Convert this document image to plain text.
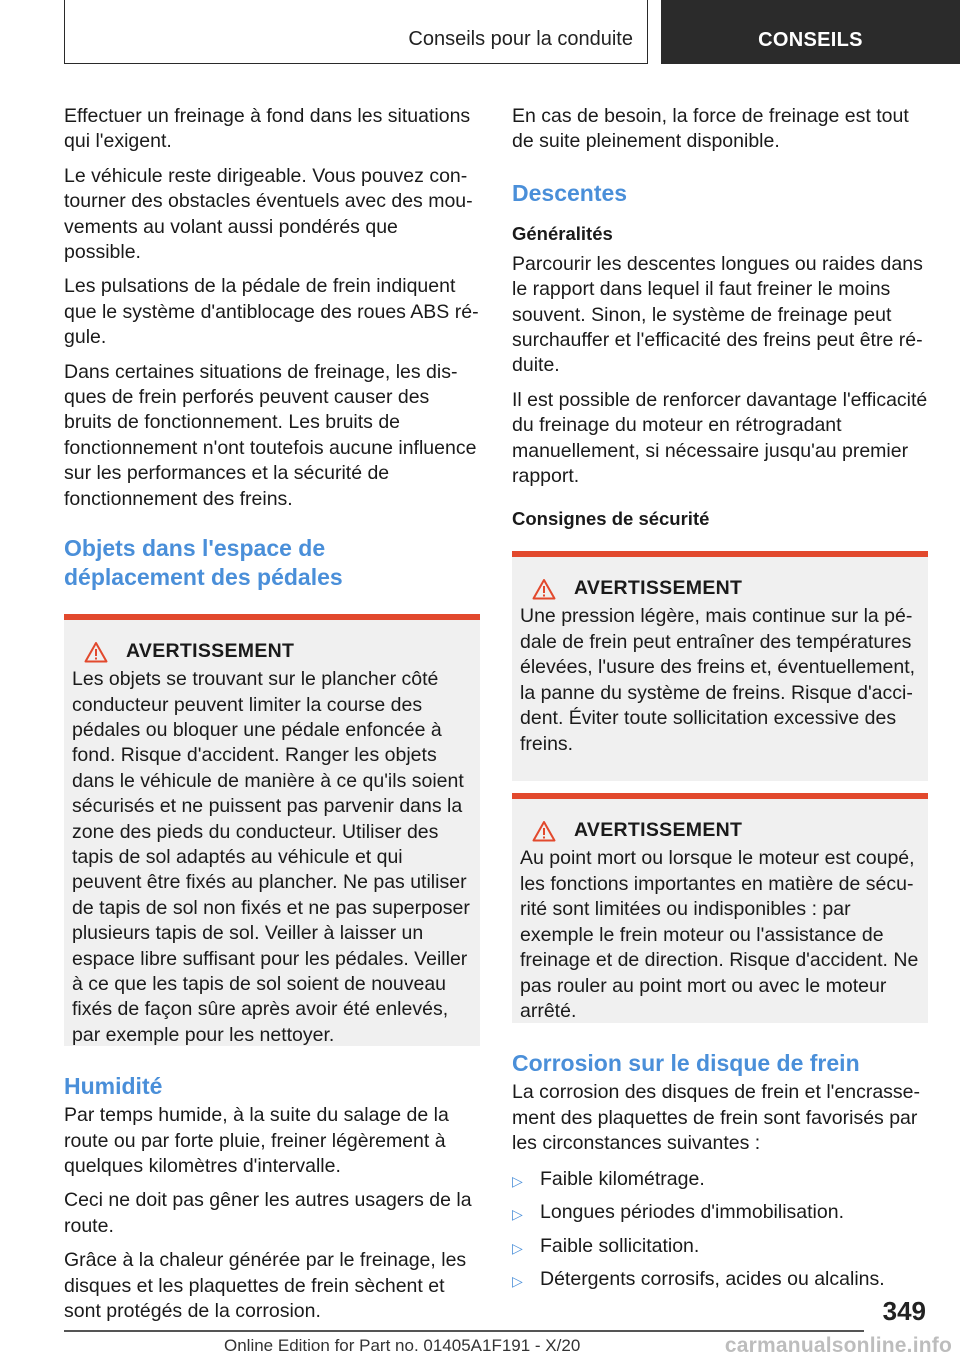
Conseils pour la conduite	CONSEILS

Effectuer un freinage à fond dans les situations qui l'exigent.

Le véhicule reste dirigeable. Vous pouvez contourner des obstacles éventuels avec des mouvements au volant aussi pondérés que possible.

Les pulsations de la pédale de frein indiquent que le système d'antiblocage des roues ABS régule.

Dans certaines situations de freinage, les disques de frein perforés peuvent causer des bruits de fonctionnement. Les bruits de fonctionnement n'ont toutefois aucune influence sur les performances et la sécurité de fonctionnement des freins.

Objets dans l'espace de déplacement des pédales
AVERTISSEMENT

Les objets se trouvant sur le plancher côté conducteur peuvent limiter la course des pédales ou bloquer une pédale enfoncée à fond. Risque d'accident. Ranger les objets dans le véhicule de manière à ce qu'ils soient sécurisés et ne puissent pas parvenir dans la zone des pieds du conducteur. Utiliser des tapis de sol adaptés au véhicule et qui peuvent être fixés au plancher. Ne pas utiliser de tapis de sol non fixés et ne pas superposer plusieurs tapis de sol. Veiller à laisser un espace libre suffisant pour les pédales. Veiller à ce que les tapis de sol soient de nouveau fixés de façon sûre après avoir été enlevés, par exemple pour les nettoyer.

Humidité

Par temps humide, à la suite du salage de la route ou par forte pluie, freiner légèrement à quelques kilomètres d'intervalle.

Ceci ne doit pas gêner les autres usagers de la route.

Grâce à la chaleur générée par le freinage, les disques et les plaquettes de frein sèchent et sont protégés de la corrosion.

En cas de besoin, la force de freinage est tout de suite pleinement disponible.

Descentes
Généralités

Parcourir les descentes longues ou raides dans le rapport dans lequel il faut freiner le moins souvent. Sinon, le système de freinage peut surchauffer et l'efficacité des freins peut être réduite.

Il est possible de renforcer davantage l'efficacité du freinage du moteur en rétrogradant manuellement, si nécessaire jusqu'au premier rapport.

Consignes de sécurité
AVERTISSEMENT

Une pression légère, mais continue sur la pédale de frein peut entraîner des températures élevées, l'usure des freins et, éventuellement, la panne du système de freins. Risque d'accident. Éviter toute sollicitation excessive des freins.

AVERTISSEMENT

Au point mort ou lorsque le moteur est coupé, les fonctions importantes en matière de sécurité sont limitées ou indisponibles : par exemple le frein moteur ou l'assistance de freinage et de direction. Risque d'accident. Ne pas rouler au point mort ou avec le moteur arrêté.

Corrosion sur le disque de frein

La corrosion des disques de frein et l'encrassement des plaquettes de frein sont favorisés par les circonstances suivantes :

▷ Faible kilométrage.
▷ Longues périodes d'immobilisation.
▷ Faible sollicitation.
▷ Détergents corrosifs, acides ou alcalins.
349
Online Edition for Part no. 01405A1F191 - X/20	carmanualsonline.info
